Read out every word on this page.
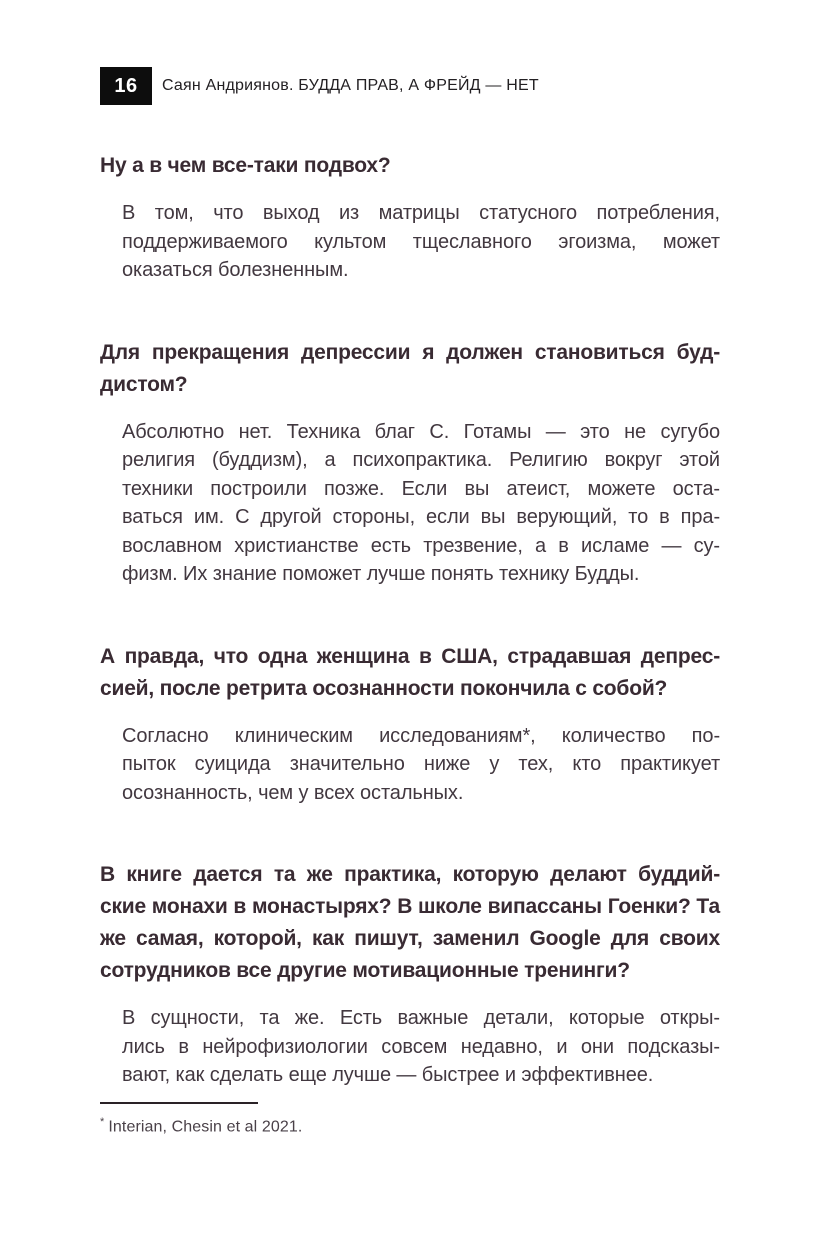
16	Саян Андриянов. БУДДА ПРАВ, А ФРЕЙД — НЕТ
Ну а в чем все-таки подвох?
В том, что выход из матрицы статусного потребления,
поддерживаемого культом тщеславного эгоизма, может
оказаться болезненным.
Для прекращения депрессии я должен становиться буд-
дистом?
Абсолютно нет. Техника благ С. Готамы — это не сугубо
религия (буддизм), а психопрактика. Религию вокруг этой
техники построили позже. Если вы атеист, можете оста-
ваться им. С другой стороны, если вы верующий, то в пра-
вославном христианстве есть трезвение, а в исламе — су-
физм. Их знание поможет лучше понять технику Будды.
А правда, что одна женщина в США, страдавшая депрес-
сией, после ретрита осознанности покончила с собой?
Согласно клиническим исследованиям*, количество по-
пыток суицида значительно ниже у тех, кто практикует
осознанность, чем у всех остальных.
В книге дается та же практика, которую делают буддий-
ские монахи в монастырях? В школе випассаны Гоенки? Та
же самая, которой, как пишут, заменил Google для своих
сотрудников все другие мотивационные тренинги?
В сущности, та же. Есть важные детали, которые откры-
лись в нейрофизиологии совсем недавно, и они подсказы-
вают, как сделать еще лучше — быстрее и эффективнее.
* Interian, Chesin et al 2021.
